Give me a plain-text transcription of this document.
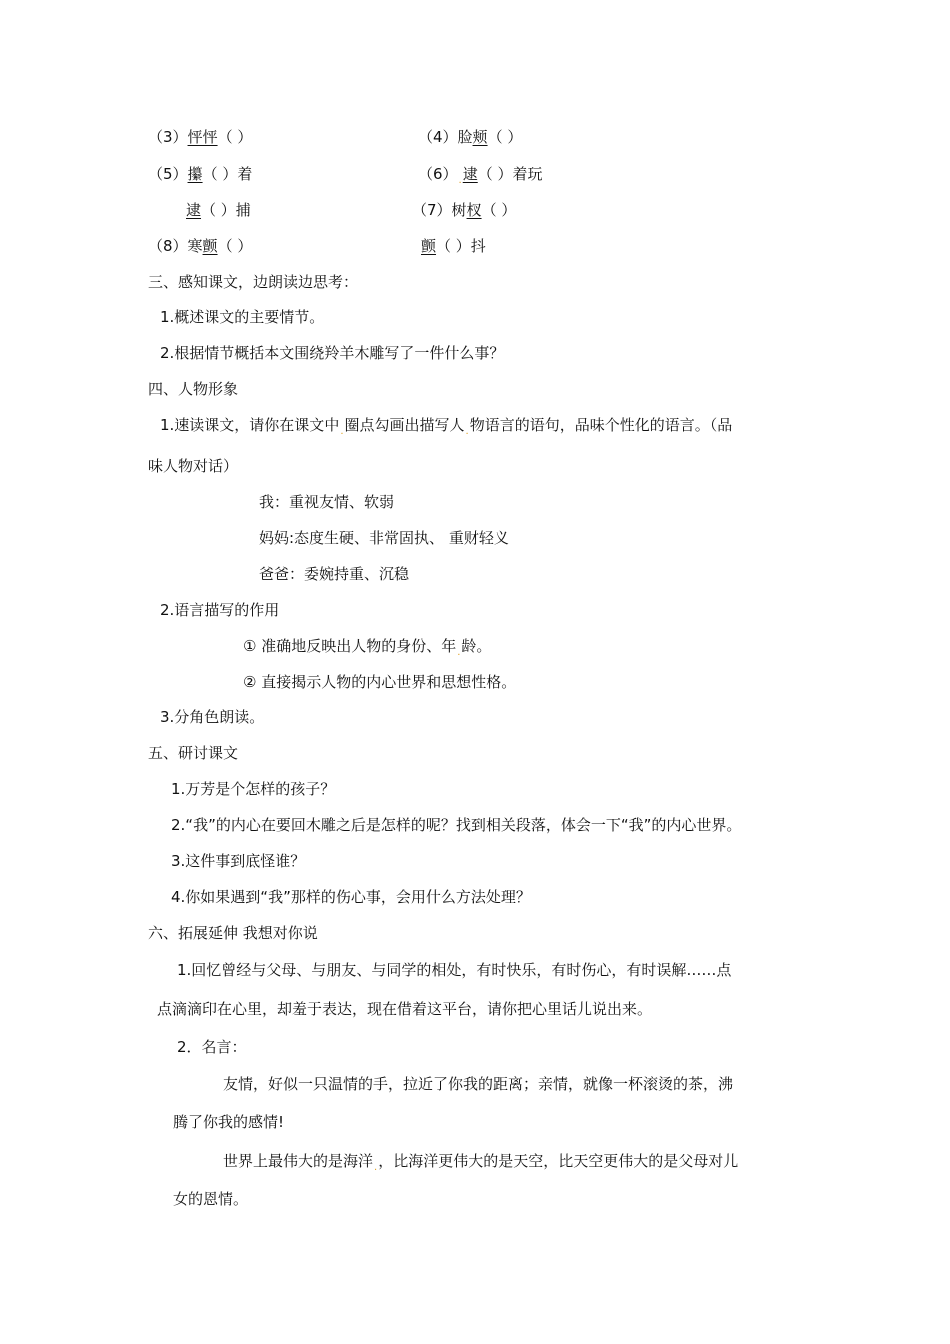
（3）怦怦（ ）	（4）脸颊（ ）
（5）攥（ ）着	$(6)_.$逮（ ）着玩
逮（ ）捕	（7）树杈（ ）
（8）寒颤（ ）	颤（ ）抖
三、感知课文，边朗读边思考：
1.概述课文的主要情节。
2.根据情节概括本文围绕羚羊木雕写了一件什么事？
四、人物形象
1.速读课文，请你在课文中$_.$圈点勾画出描写人$_.$物语言的语句，品味个性化的语言。（品
味人物对话）
我：重视友情、软弱
妈妈:态度生硬、非常固执、 重财轻义
爸爸：委婉持重、沉稳
2.语言描写的作用
① 准确地反映出人物的身份、年$_.$龄。
② 直接揭示人物的内心世界和思想性格。
3.分角色朗读。
五、研讨课文
1.万芳是个怎样的孩子？
2.“我”的内心在要回木雕之后是怎样的呢？找到相关段落，体会一下“我”的内心世界。
3.这件事到底怪谁？
4.你如果遇到“我”那样的伤心事，会用什么方法处理？
六、拓展延伸 我想对你说
1.回忆曾经与父母、与朋友、与同学的相处，有时快乐，有时伤心，有时误解……点
点滴滴印在心里，却羞于表达，现在借着这平台，请你把心里话儿说出来。
2．名言：
友情，好似一只温情的手，拉近了你我的距离；亲情，就像一杯滚烫的茶，沸
腾了你我的感情!
世界上最伟大的是海洋$_.$，比海洋更伟大的是天空，比天空更伟大的是父母对儿
女的恩情。
